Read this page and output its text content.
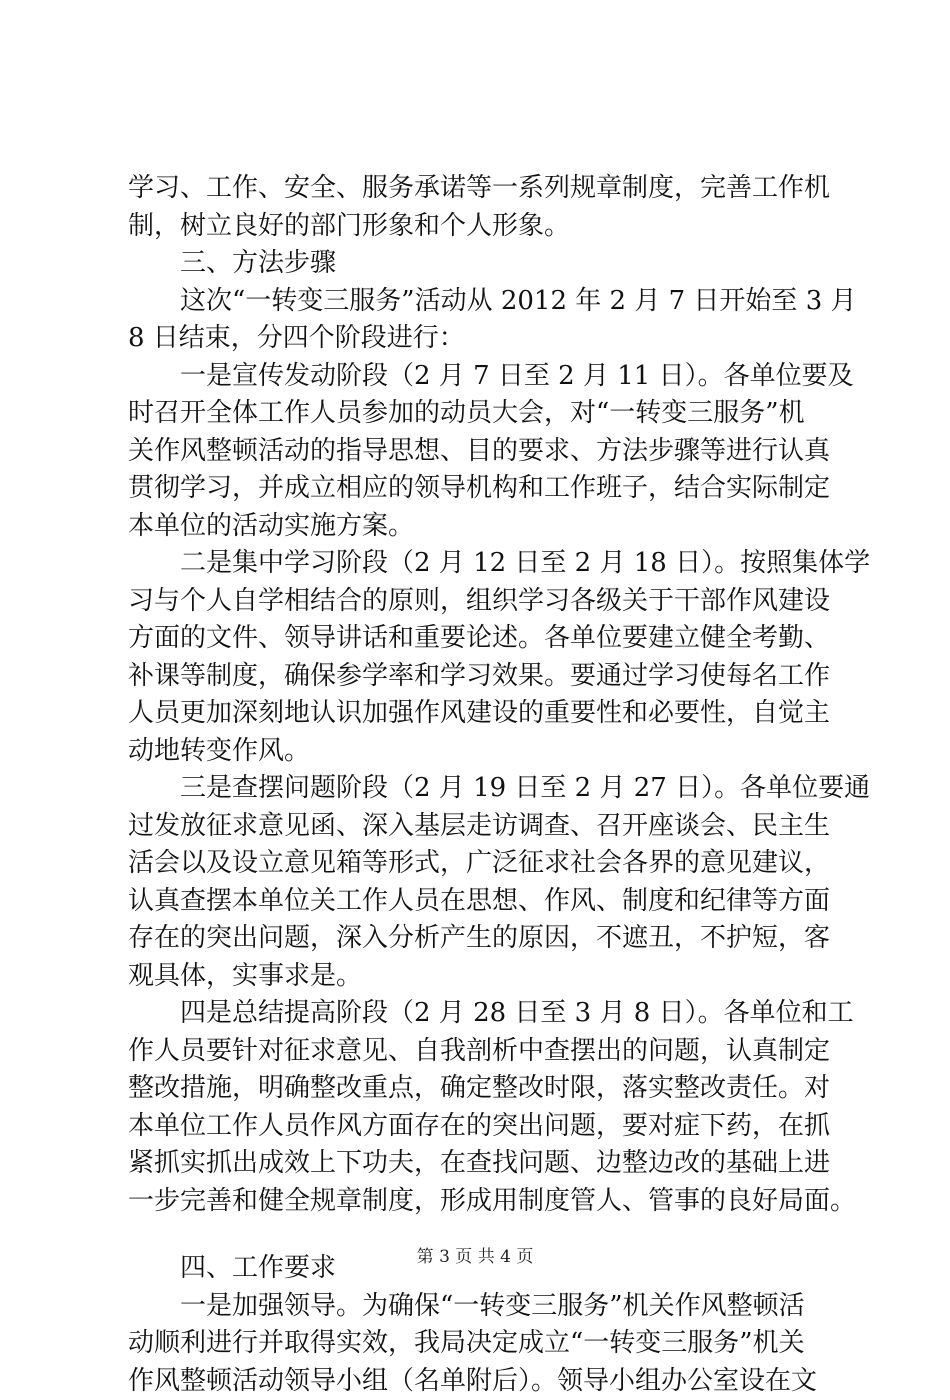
学习、工作、安全、服务承诺等一系列规章制度，完善工作机
制，树立良好的部门形象和个人形象。
三、方法步骤
这次“一转变三服务”活动从 2012 年 2 月 7 日开始至 3 月
8 日结束，分四个阶段进行：
一是宣传发动阶段（2 月 7 日至 2 月 11 日）。各单位要及
时召开全体工作人员参加的动员大会，对“一转变三服务”机
关作风整顿活动的指导思想、目的要求、方法步骤等进行认真
贯彻学习，并成立相应的领导机构和工作班子，结合实际制定
本单位的活动实施方案。
二是集中学习阶段（2 月 12 日至 2 月 18 日）。按照集体学
习与个人自学相结合的原则，组织学习各级关于干部作风建设
方面的文件、领导讲话和重要论述。各单位要建立健全考勤、
补课等制度，确保参学率和学习效果。要通过学习使每名工作
人员更加深刻地认识加强作风建设的重要性和必要性，自觉主
动地转变作风。
三是查摆问题阶段（2 月 19 日至 2 月 27 日）。各单位要通
过发放征求意见函、深入基层走访调查、召开座谈会、民主生
活会以及设立意见箱等形式，广泛征求社会各界的意见建议，
认真查摆本单位关工作人员在思想、作风、制度和纪律等方面
存在的突出问题，深入分析产生的原因，不遮丑，不护短，客
观具体，实事求是。
四是总结提高阶段（2 月 28 日至 3 月 8 日）。各单位和工
作人员要针对征求意见、自我剖析中查摆出的问题，认真制定
整改措施，明确整改重点，确定整改时限，落实整改责任。对
本单位工作人员作风方面存在的突出问题，要对症下药，在抓
紧抓实抓出成效上下功夫，在查找问题、边整边改的基础上进
一步完善和健全规章制度，形成用制度管人、管事的良好局面。
四、工作要求
一是加强领导。为确保“一转变三服务”机关作风整顿活
动顺利进行并取得实效，我局决定成立“一转变三服务”机关
作风整顿活动领导小组（名单附后）。领导小组办公室设在文
第 3 页 共 4 页
